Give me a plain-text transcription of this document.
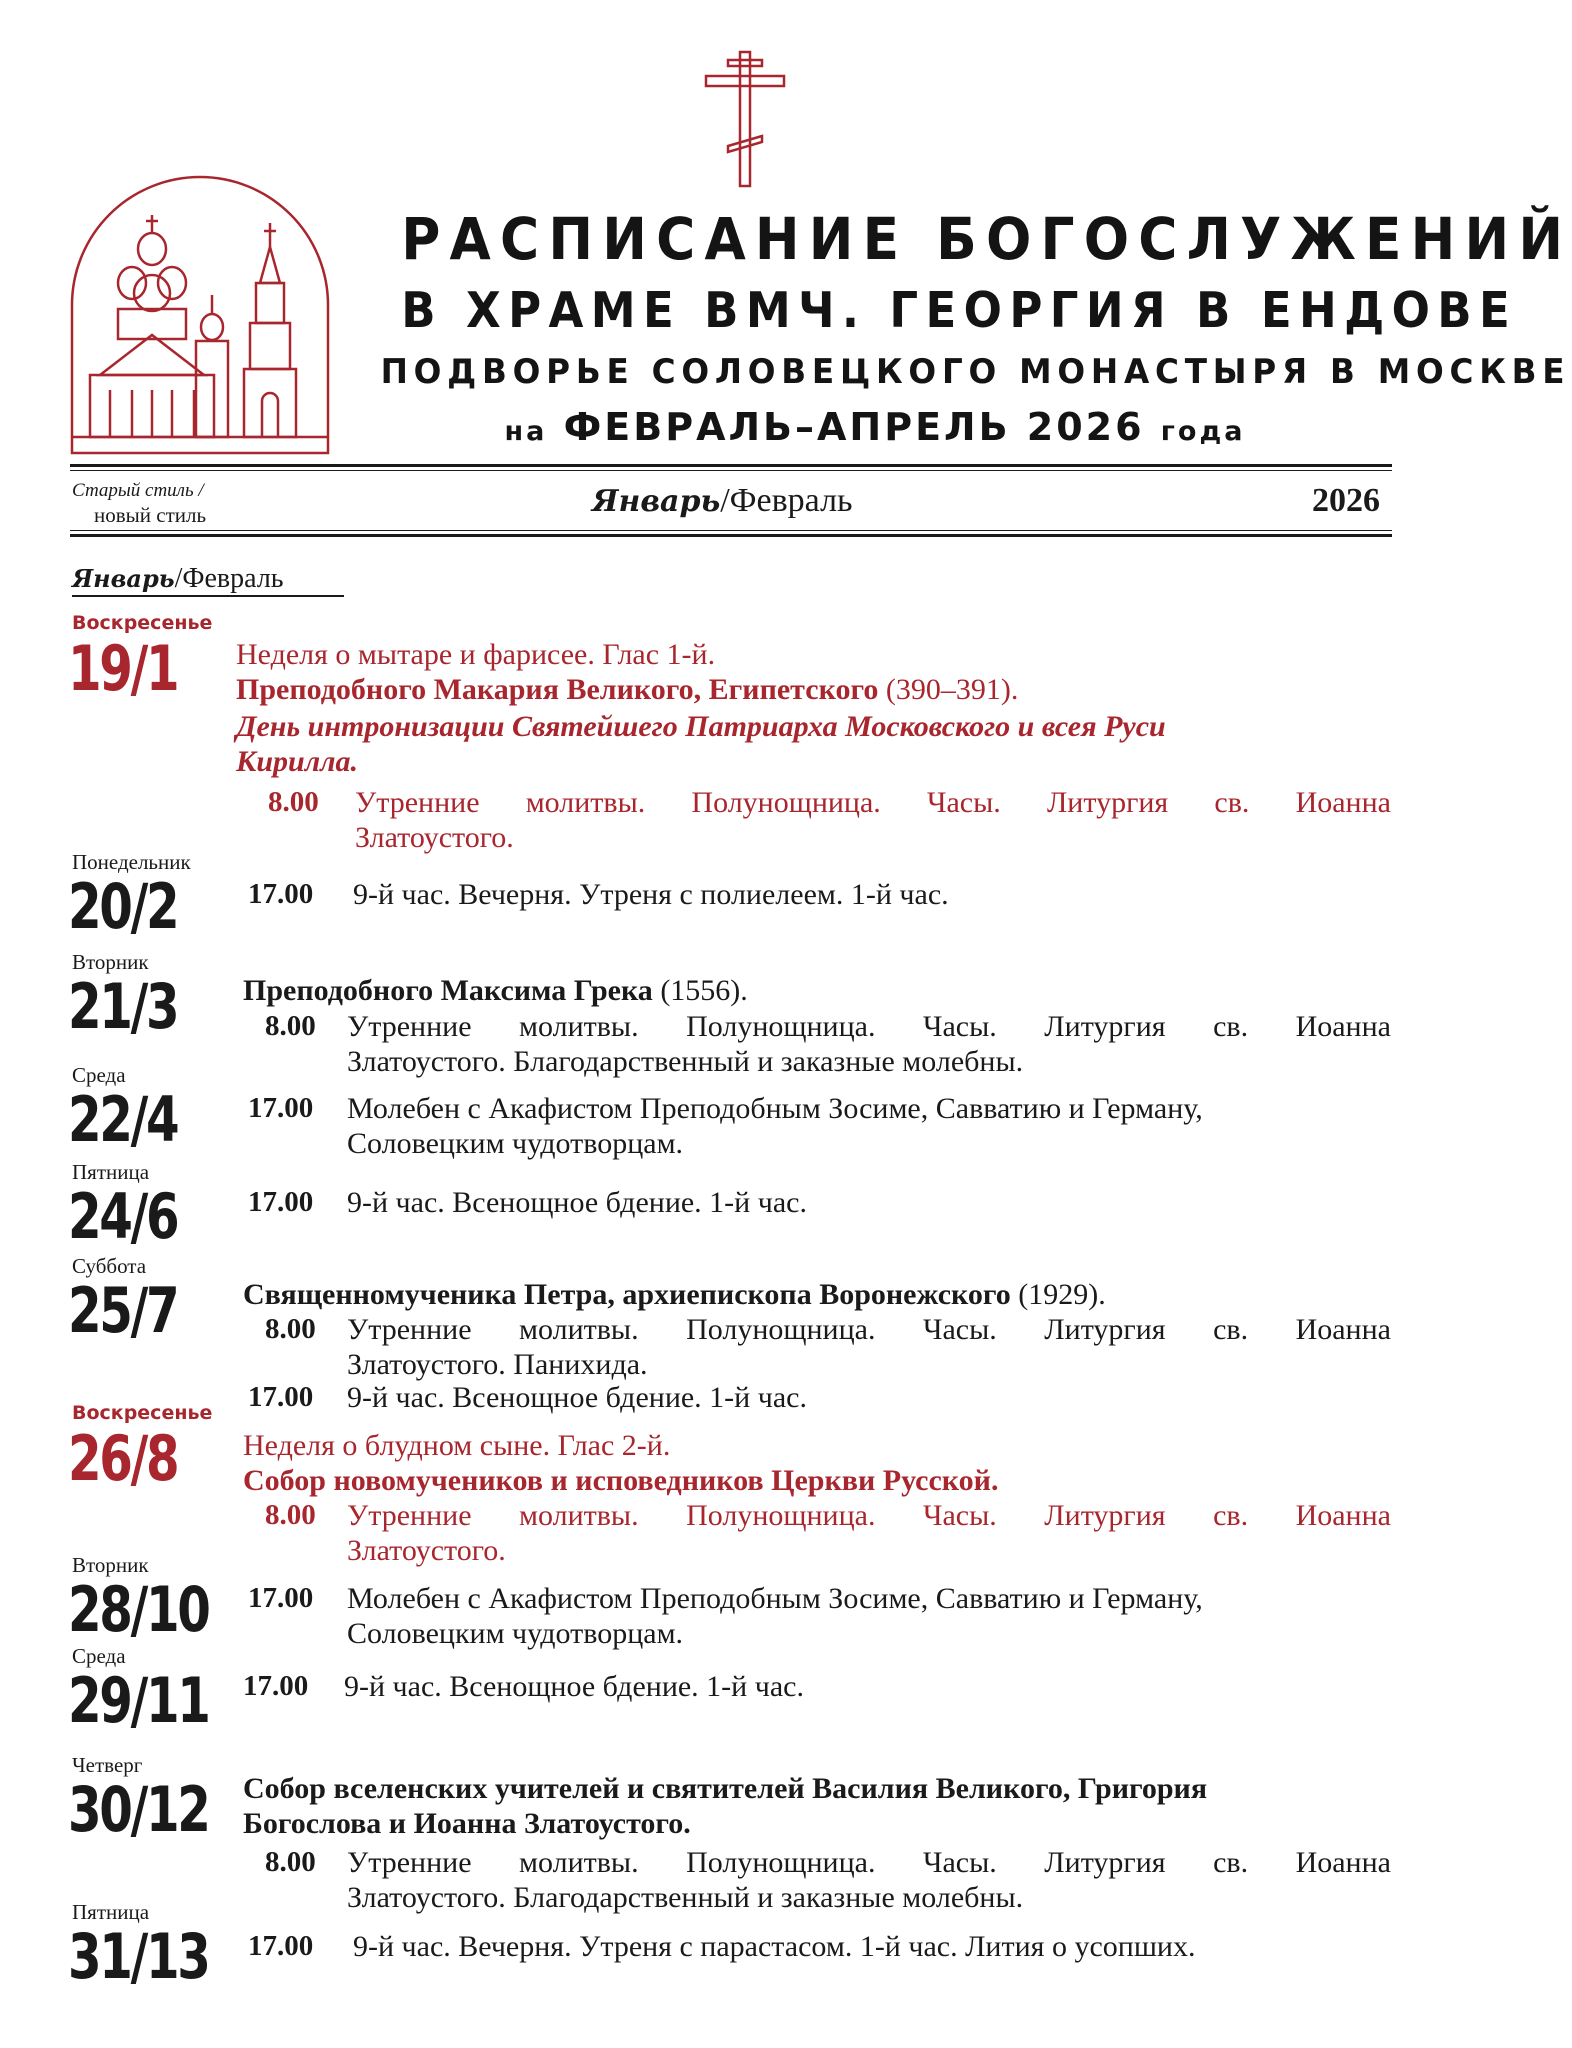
РАСПИСАНИЕ БОГОСЛУЖЕНИЙ
В ХРАМЕ ВМЧ. ГЕОРГИЯ В ЕНДОВЕ
ПОДВОРЬЕ СОЛОВЕЦКОГО МОНАСТЫРЯ В МОСКВЕ
на ФЕВРАЛЬ–АПРЕЛЬ 2026 года
Старый стиль /
новый стиль	Январь/Февраль	2026
Январь/Февраль
Воскресенье
19/1 Неделя о мытаре и фарисее. Глас 1-й.
Преподобного Макария Великого, Египетского (390–391).
День интронизации Святейшего Патриарха Московского и всея Руси
Кирилла.
8.00 Утренние молитвы. Полунощница. Часы. Литургия св. Иоанна
Златоустого.
Понедельник
20/2 17.00 9-й час. Вечерня. Утреня с полиелеем. 1-й час.
Вторник
21/3 Преподобного Максима Грека (1556).
8.00 Утренние молитвы. Полунощница. Часы. Литургия св. Иоанна
Златоустого. Благодарственный и заказные молебны.
Среда
22/4 17.00 Молебен с Акафистом Преподобным Зосиме, Савватию и Герману,
Соловецким чудотворцам.
Пятница
24/6 17.00 9-й час. Всенощное бдение. 1-й час.
Суббота
25/7 Священномученика Петра, архиепископа Воронежского (1929).
8.00 Утренние молитвы. Полунощница. Часы. Литургия св. Иоанна
Златоустого. Панихида.
17.00 9-й час. Всенощное бдение. 1-й час.
Воскресенье
26/8 Неделя о блудном сыне. Глас 2-й.
Собор новомучеников и исповедников Церкви Русской.
8.00 Утренние молитвы. Полунощница. Часы. Литургия св. Иоанна
Златоустого.
Вторник
28/10 17.00 Молебен с Акафистом Преподобным Зосиме, Савватию и Герману,
Соловецким чудотворцам.
Среда
29/11 17.00 9-й час. Всенощное бдение. 1-й час.
Четверг
30/12 Собор вселенских учителей и святителей Василия Великого, Григория
Богослова и Иоанна Златоустого.
8.00 Утренние молитвы. Полунощница. Часы. Литургия св. Иоанна
Златоустого. Благодарственный и заказные молебны.
Пятница
31/13 17.00 9-й час. Вечерня. Утреня с парастасом. 1-й час. Лития о усопших.
